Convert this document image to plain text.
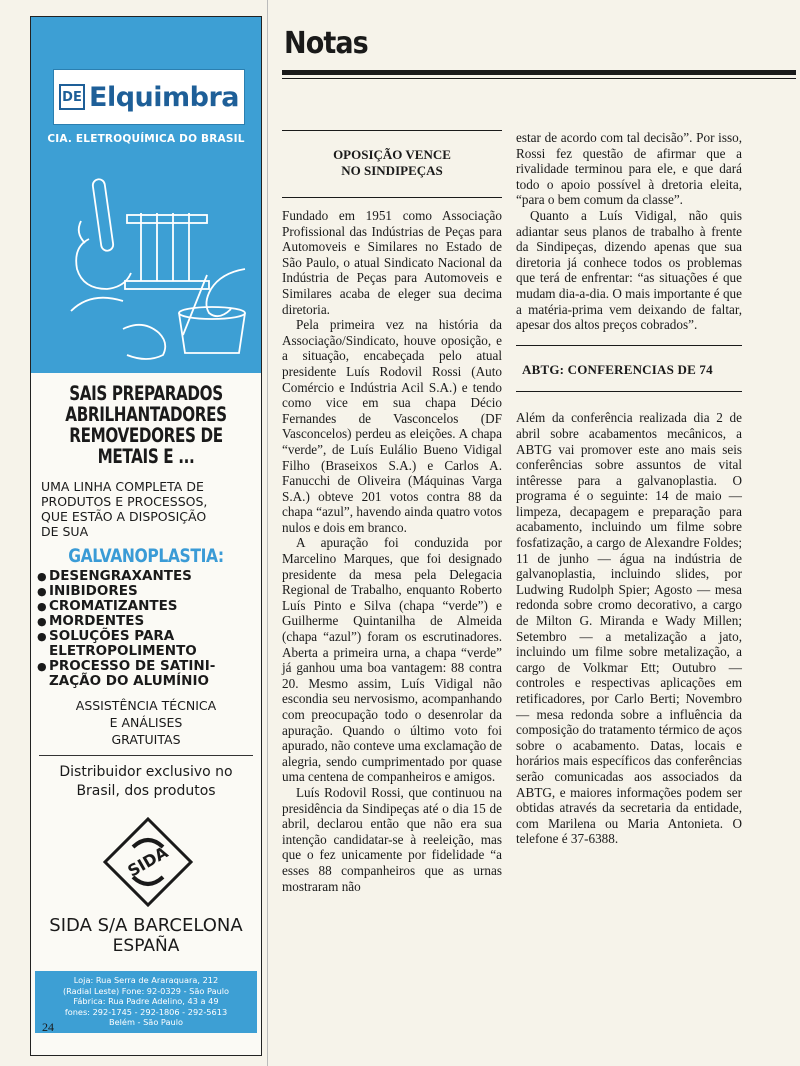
DE Elquimbra
CIA. ELETROQUÍMICA DO BRASIL
SAIS PREPARADOS
ABRILHANTADORES
REMOVEDORES DE
METAIS E ...
UMA LINHA COMPLETA DE
PRODUTOS E PROCESSOS,
QUE ESTÃO A DISPOSIÇÃO
DE SUA
GALVANOPLASTIA:
● DESENGRAXANTES
● INIBIDORES
● CROMATIZANTES
● MORDENTES
● SOLUÇÕES PARA
ELETROPOLIMENTO
● PROCESSO DE SATINI-
ZAÇÃO DO ALUMÍNIO
ASSISTÊNCIA TÉCNICA
E ANÁLISES
GRATUITAS
Distribuidor exclusivo no
Brasil, dos produtos
SIDA
SIDA S/A BARCELONA
ESPAÑA
Loja: Rua Serra de Araraquara, 212
(Radial Leste) Fone: 92-0329 - São Paulo
Fábrica: Rua Padre Adelino, 43 a 49
fones: 292-1745 - 292-1806 - 292-5613
Belém - São Paulo
24
Notas
OPOSIÇÃO VENCE
NO SINDIPEÇAS

Fundado em 1951 como Associação Profissional das Indústrias de Peças para Automoveis e Similares no Estado de São Paulo, o atual Sindicato Nacional da Indústria de Peças para Automoveis e Similares acaba de eleger sua decima diretoria.

Pela primeira vez na história da Associação/Sindicato, houve oposição, e a situação, encabeçada pelo atual presidente Luís Rodovil Rossi (Auto Comércio e Indústria Acil S.A.) e tendo como vice em sua chapa Décio Fernandes de Vasconcelos (DF Vasconcelos) perdeu as eleições. A chapa “verde”, de Luís Eulálio Bueno Vidigal Filho (Braseixos S.A.) e Carlos A. Fanucchi de Oliveira (Máquinas Varga S.A.) obteve 201 votos contra 88 da chapa “azul”, havendo ainda quatro votos nulos e dois em branco.

A apuração foi conduzida por Marcelino Marques, que foi designado presidente da mesa pela Delegacia Regional de Trabalho, enquanto Roberto Luís Pinto e Silva (chapa “verde”) e Guilherme Quintanilha de Almeida (chapa “azul”) foram os escrutinadores. Aberta a primeira urna, a chapa “verde” já ganhou uma boa vantagem: 88 contra 20. Mesmo assim, Luís Vidigal não escondia seu nervosismo, acompanhando com preocupação todo o desenrolar da apuração. Quando o último voto foi apurado, não conteve uma exclamação de alegria, sendo cumprimentado por quase uma centena de companheiros e amigos.

Luís Rodovil Rossi, que continuou na presidência da Sindipeças até o dia 15 de abril, declarou então que não era sua intenção candidatar-se à reeleição, mas que o fez unicamente por fidelidade “a esses 88 companheiros que as urnas mostraram não

estar de acordo com tal decisão”. Por isso, Rossi fez questão de afirmar que a rivalidade terminou para ele, e que dará todo o apoio possível à dretoria eleita, “para o bem comum da classe”.

Quanto a Luís Vidigal, não quis adiantar seus planos de trabalho à frente da Sindipeças, dizendo apenas que sua diretoria já conhece todos os problemas que terá de enfrentar: “as situações é que mudam dia-a-dia. O mais importante é que a matéria-prima vem deixando de faltar, apesar dos altos preços cobrados”.

ABTG: CONFERENCIAS DE 74

Além da conferência realizada dia 2 de abril sobre acabamentos mecânicos, a ABTG vai promover este ano mais seis conferências sobre assuntos de vital intêresse para a galvanoplastia. O programa é o seguinte: 14 de maio — limpeza, decapagem e preparação para acabamento, incluindo um filme sobre fosfatização, a cargo de Alexandre Foldes; 11 de junho — água na indústria de galvanoplastia, incluindo slides, por Ludwing Rudolph Spier; Agosto — mesa redonda sobre cromo decorativo, a cargo de Milton G. Miranda e Wady Millen; Setembro — a metalização a jato, incluindo um filme sobre metalização, a cargo de Volkmar Ett; Outubro — controles e respectivas aplicações em retificadores, por Carlo Berti; Novembro — mesa redonda sobre a influência da composição do tratamento térmico de aços sobre o acabamento. Datas, locais e horários mais específicos das conferências serão comunicadas aos associados da ABTG, e maiores informações podem ser obtidas através da secretaria da entidade, com Marilena ou Maria Antonieta. O telefone é 37-6388.
